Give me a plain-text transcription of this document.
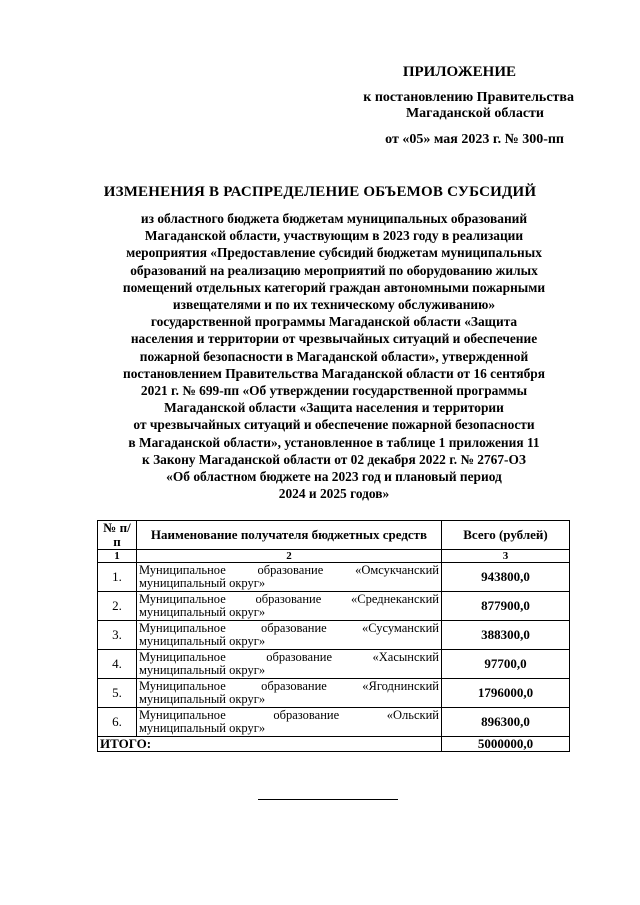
ПРИЛОЖЕНИЕ
к постановлению Правительства
Магаданской области
от «05» мая 2023 г. № 300-пп
ИЗМЕНЕНИЯ В РАСПРЕДЕЛЕНИЕ ОБЪЕМОВ СУБСИДИЙ
из областного бюджета бюджетам муниципальных образований
Магаданской области, участвующим в 2023 году в реализации
мероприятия «Предоставление субсидий бюджетам муниципальных
образований на реализацию мероприятий по оборудованию жилых
помещений отдельных категорий граждан автономными пожарными
извещателями и по их техническому обслуживанию»
государственной программы Магаданской области «Защита
населения и территории от чрезвычайных ситуаций и обеспечение
пожарной безопасности в Магаданской области», утвержденной
постановлением Правительства Магаданской области от 16 сентября
2021 г. № 699-пп «Об утверждении государственной программы
Магаданской области «Защита населения и территории
от чрезвычайных ситуаций и обеспечение пожарной безопасности
в Магаданской области», установленное в таблице 1 приложения 11
к Закону Магаданской области от 02 декабря 2022 г. № 2767-ОЗ
«Об областном бюджете на 2023 год и плановый период
2024 и 2025 годов»
№ п/п	Наименование получателя бюджетных средств	Всего (рублей)
1	2	3
1.	Муниципальное образование «Омсукчанский
муниципальный округ»	943800,0
2.	Муниципальное образование «Среднеканский
муниципальный округ»	877900,0
3.	Муниципальное образование «Сусуманский
муниципальный округ»	388300,0
4.	Муниципальное образование «Хасынский
муниципальный округ»	97700,0
5.	Муниципальное образование «Ягоднинский
муниципальный округ»	1796000,0
6.	Муниципальное образование «Ольский
муниципальный округ»	896300,0
ИТОГО:		5000000,0
